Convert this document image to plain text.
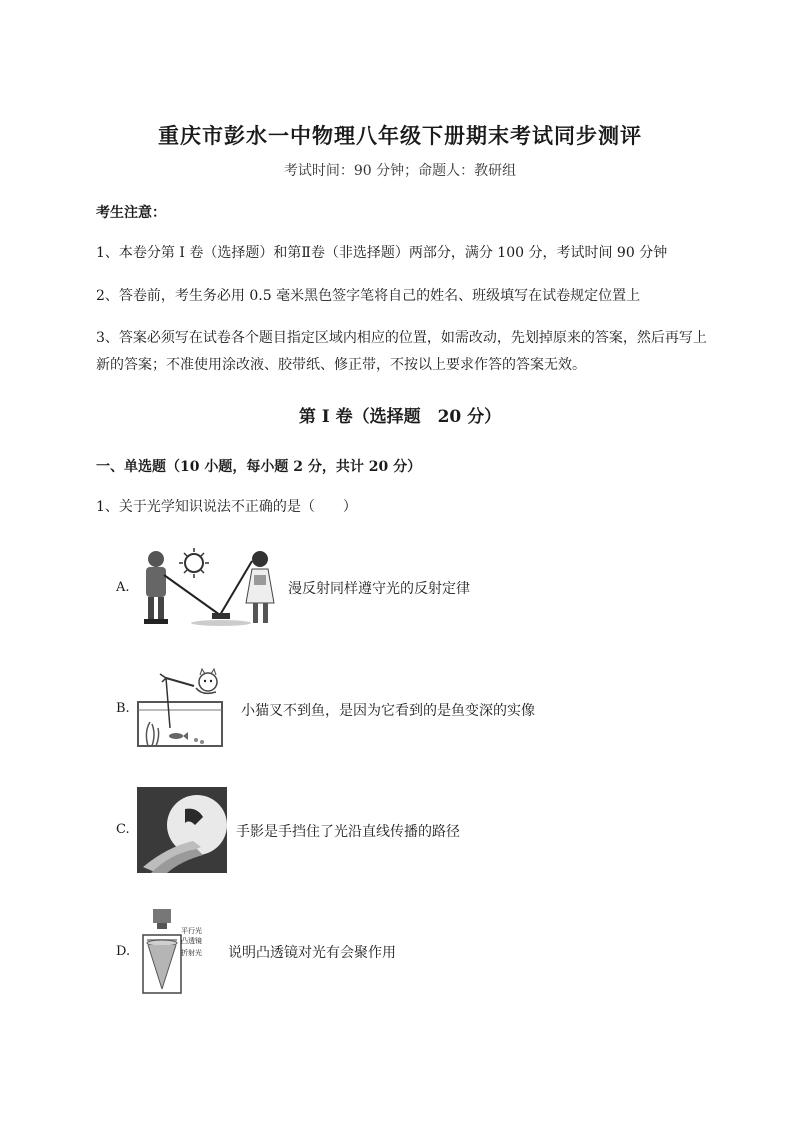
重庆市彭水一中物理八年级下册期末考试同步测评
考试时间：90 分钟；命题人：教研组
考生注意：
1、本卷分第 I 卷（选择题）和第Ⅱ卷（非选择题）两部分，满分 100 分，考试时间 90 分钟
2、答卷前，考生务必用 0.5 毫米黑色签字笔将自己的姓名、班级填写在试卷规定位置上
3、答案必须写在试卷各个题目指定区域内相应的位置，如需改动，先划掉原来的答案，然后再写上新的答案；不准使用涂改液、胶带纸、修正带，不按以上要求作答的答案无效。
第 I 卷（选择题　20 分）
一、单选题（10 小题，每小题 2 分，共计 20 分）
1、关于光学知识说法不正确的是（　　）
A.	漫反射同样遵守光的反射定律
B.	小猫叉不到鱼，是因为它看到的是鱼变深的实像
C.	手影是手挡住了光沿直线传播的路径
D.
平行光
凸透镜
折射光 说明凸透镜对光有会聚作用
